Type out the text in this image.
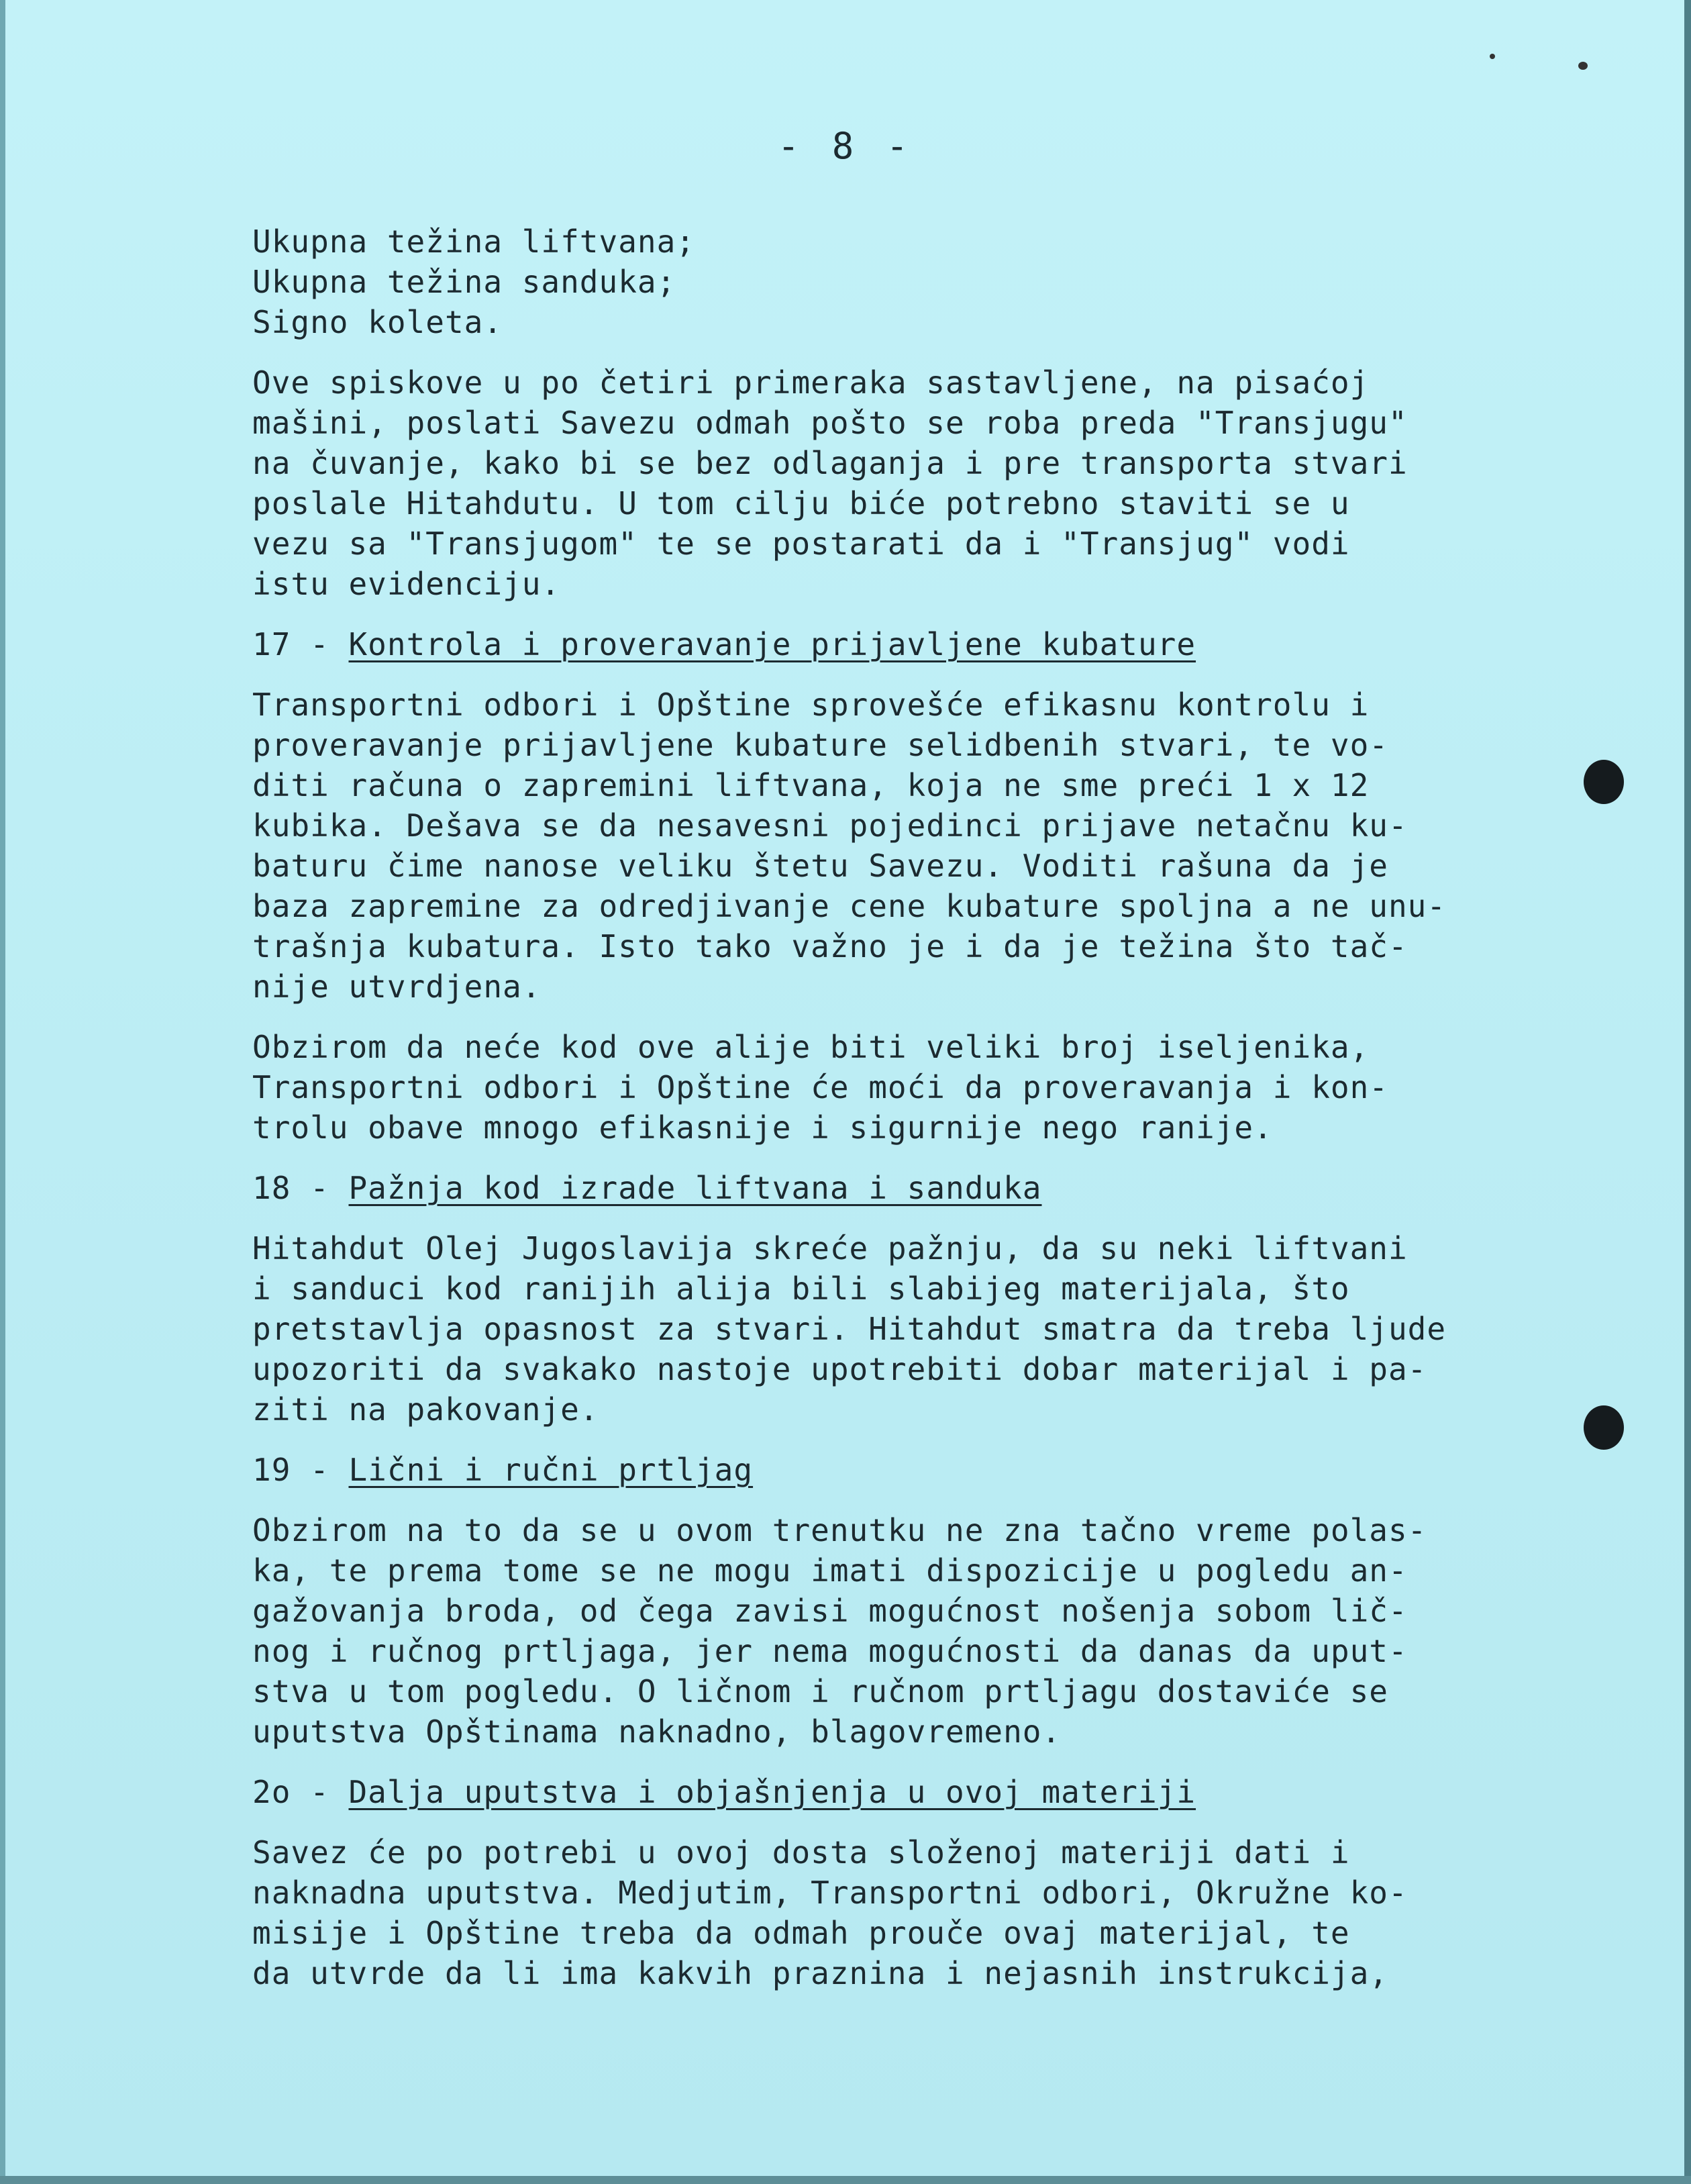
- 8 -
Ukupna težina liftvana;
Ukupna težina sanduka;
Signo koleta.
Ove spiskove u po četiri primeraka sastavljene, na pisaćoj
mašini, poslati Savezu odmah pošto se roba preda "Transjugu"
na čuvanje, kako bi se bez odlaganja i pre transporta stvari
poslale Hitahdutu. U tom cilju biće potrebno staviti se u
vezu sa "Transjugom" te se postarati da i "Transjug" vodi
istu evidenciju.
17 - Kontrola i proveravanje prijavljene kubature
Transportni odbori i Opštine sprovešće efikasnu kontrolu i
proveravanje prijavljene kubature selidbenih stvari, te vo-
diti računa o zapremini liftvana, koja ne sme preći 1 x 12
kubika. Dešava se da nesavesni pojedinci prijave netačnu ku-
baturu čime nanose veliku štetu Savezu. Voditi rašuna da je
baza zapremine za odredjivanje cene kubature spoljna a ne unu-
trašnja kubatura. Isto tako važno je i da je težina što tač-
nije utvrdjena.
Obzirom da neće kod ove alije biti veliki broj iseljenika,
Transportni odbori i Opštine će moći da proveravanja i kon-
trolu obave mnogo efikasnije i sigurnije nego ranije.
18 - Pažnja kod izrade liftvana i sanduka
Hitahdut Olej Jugoslavija skreće pažnju, da su neki liftvani
i sanduci kod ranijih alija bili slabijeg materijala, što
pretstavlja opasnost za stvari. Hitahdut smatra da treba ljude
upozoriti da svakako nastoje upotrebiti dobar materijal i pa-
ziti na pakovanje.
19 - Lični i ručni prtljag
Obzirom na to da se u ovom trenutku ne zna tačno vreme polas-
ka, te prema tome se ne mogu imati dispozicije u pogledu an-
gažovanja broda, od čega zavisi mogućnost nošenja sobom lič-
nog i ručnog prtljaga, jer nema mogućnosti da danas da uput-
stva u tom pogledu. O ličnom i ručnom prtljagu dostaviće se
uputstva Opštinama naknadno, blagovremeno.
2o - Dalja uputstva i objašnjenja u ovoj materiji
Savez će po potrebi u ovoj dosta složenoj materiji dati i
naknadna uputstva. Medjutim, Transportni odbori, Okružne ko-
misije i Opštine treba da odmah prouče ovaj materijal, te
da utvrde da li ima kakvih praznina i nejasnih instrukcija,
